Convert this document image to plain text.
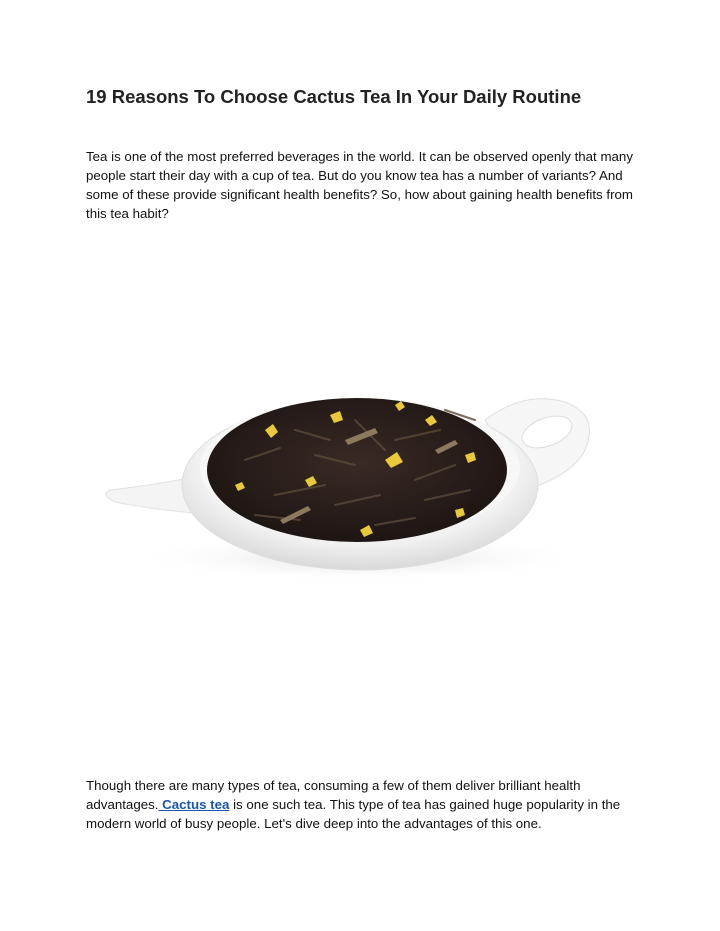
19 Reasons To Choose Cactus Tea In Your Daily Routine

Tea is one of the most preferred beverages in the world. It can be observed openly that many people start their day with a cup of tea. But do you know tea has a number of variants? And some of these provide significant health benefits? So, how about gaining health benefits from this tea habit?

Though there are many types of tea, consuming a few of them deliver brilliant health advantages. Cactus tea is one such tea. This type of tea has gained huge popularity in the modern world of busy people. Let's dive deep into the advantages of this one.
